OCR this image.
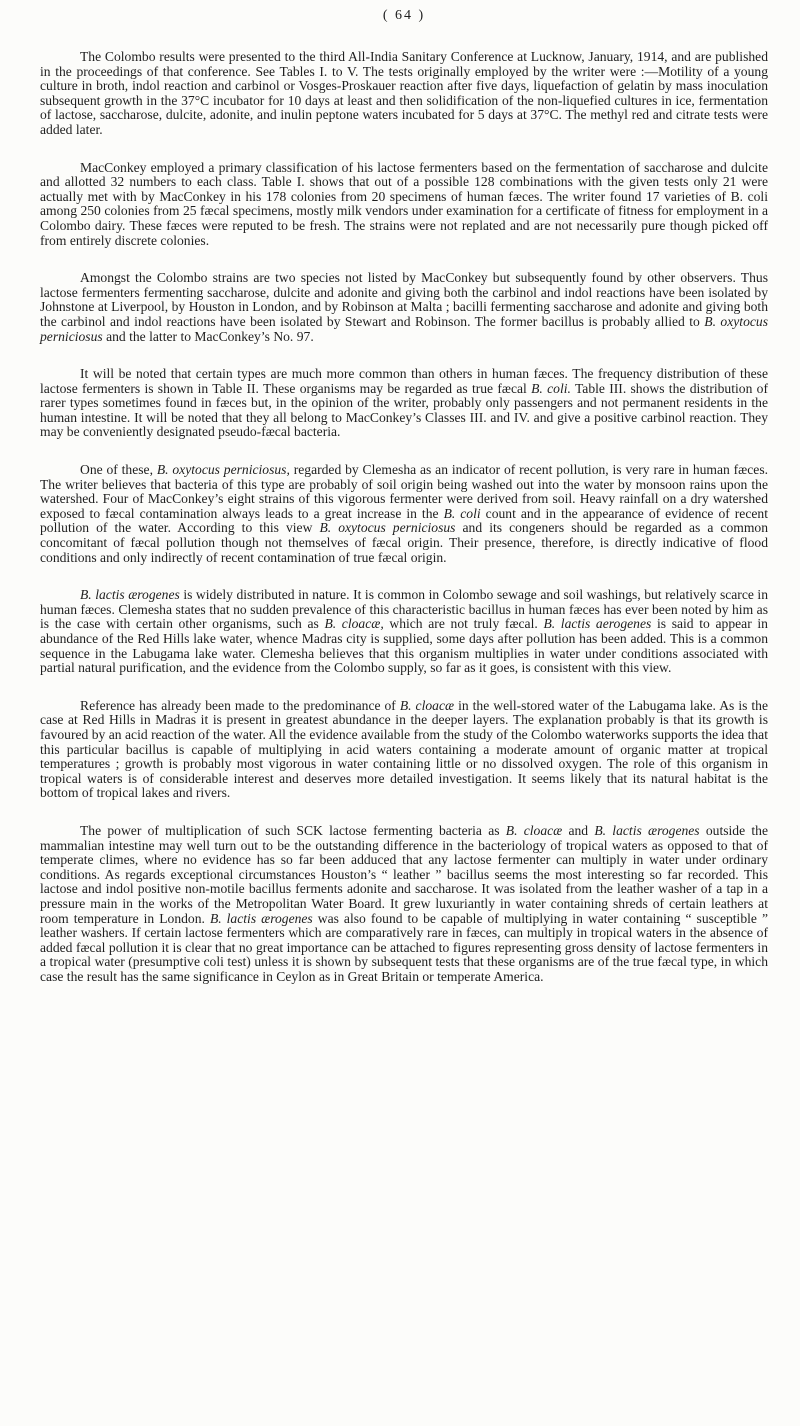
( 64 )

The Colombo results were presented to the third All-India Sanitary Conference at Lucknow, January, 1914, and are published in the proceedings of that conference. See Tables I. to V. The tests originally employed by the writer were :—Motility of a young culture in broth, indol reaction and carbinol or Vosges-Proskauer reaction after five days, liquefaction of gelatin by mass inoculation subsequent growth in the 37°C incubator for 10 days at least and then solidification of the non-liquefied cultures in ice, fermentation of lactose, saccharose, dulcite, adonite, and inulin peptone waters incubated for 5 days at 37°C. The methyl red and citrate tests were added later.

MacConkey employed a primary classification of his lactose fermenters based on the fermentation of saccharose and dulcite and allotted 32 numbers to each class. Table I. shows that out of a possible 128 combinations with the given tests only 21 were actually met with by MacConkey in his 178 colonies from 20 specimens of human fæces. The writer found 17 varieties of B. coli among 250 colonies from 25 fæcal specimens, mostly milk vendors under examination for a certificate of fitness for employment in a Colombo dairy. These fæces were reputed to be fresh. The strains were not replated and are not necessarily pure though picked off from entirely discrete colonies.

Amongst the Colombo strains are two species not listed by MacConkey but subsequently found by other observers. Thus lactose fermenters fermenting saccharose, dulcite and adonite and giving both the carbinol and indol reactions have been isolated by Johnstone at Liverpool, by Houston in London, and by Robinson at Malta ; bacilli fermenting saccharose and adonite and giving both the carbinol and indol reactions have been isolated by Stewart and Robinson. The former bacillus is probably allied to B. oxytocus perniciosus and the latter to MacConkey’s No. 97.

It will be noted that certain types are much more common than others in human fæces. The frequency distribution of these lactose fermenters is shown in Table II. These organisms may be regarded as true fæcal B. coli. Table III. shows the distribution of rarer types sometimes found in fæces but, in the opinion of the writer, probably only passengers and not permanent residents in the human intestine. It will be noted that they all belong to MacConkey’s Classes III. and IV. and give a positive carbinol reaction. They may be conveniently designated pseudo-fæcal bacteria.

One of these, B. oxytocus perniciosus, regarded by Clemesha as an indicator of recent pollution, is very rare in human fæces. The writer believes that bacteria of this type are probably of soil origin being washed out into the water by monsoon rains upon the watershed. Four of MacConkey’s eight strains of this vigorous fermenter were derived from soil. Heavy rainfall on a dry watershed exposed to fæcal contamination always leads to a great increase in the B. coli count and in the appearance of evidence of recent pollution of the water. According to this view B. oxytocus perniciosus and its congeners should be regarded as a common concomitant of fæcal pollution though not themselves of fæcal origin. Their presence, therefore, is directly indicative of flood conditions and only indirectly of recent contamination of true fæcal origin.

B. lactis ærogenes is widely distributed in nature. It is common in Colombo sewage and soil washings, but relatively scarce in human fæces. Clemesha states that no sudden prevalence of this characteristic bacillus in human fæces has ever been noted by him as is the case with certain other organisms, such as B. cloacæ, which are not truly fæcal. B. lactis aerogenes is said to appear in abundance of the Red Hills lake water, whence Madras city is supplied, some days after pollution has been added. This is a common sequence in the Labugama lake water. Clemesha believes that this organism multiplies in water under conditions associated with partial natural purification, and the evidence from the Colombo supply, so far as it goes, is consistent with this view.

Reference has already been made to the predominance of B. cloacæ in the well-stored water of the Labugama lake. As is the case at Red Hills in Madras it is present in greatest abundance in the deeper layers. The explanation probably is that its growth is favoured by an acid reaction of the water. All the evidence available from the study of the Colombo waterworks supports the idea that this particular bacillus is capable of multiplying in acid waters containing a moderate amount of organic matter at tropical temperatures ; growth is probably most vigorous in water containing little or no dissolved oxygen. The role of this organism in tropical waters is of considerable interest and deserves more detailed investigation. It seems likely that its natural habitat is the bottom of tropical lakes and rivers.

The power of multiplication of such SCK lactose fermenting bacteria as B. cloacæ and B. lactis ærogenes outside the mammalian intestine may well turn out to be the outstanding difference in the bacteriology of tropical waters as opposed to that of temperate climes, where no evidence has so far been adduced that any lactose fermenter can multiply in water under ordinary conditions. As regards exceptional circumstances Houston’s “ leather ” bacillus seems the most interesting so far recorded. This lactose and indol positive non-motile bacillus ferments adonite and saccharose. It was isolated from the leather washer of a tap in a pressure main in the works of the Metropolitan Water Board. It grew luxuriantly in water containing shreds of certain leathers at room temperature in London. B. lactis ærogenes was also found to be capable of multiplying in water containing “ susceptible ” leather washers. If certain lactose fermenters which are comparatively rare in fæces, can multiply in tropical waters in the absence of added fæcal pollution it is clear that no great importance can be attached to figures representing gross density of lactose fermenters in a tropical water (presumptive coli test) unless it is shown by subsequent tests that these organisms are of the true fæcal type, in which case the result has the same significance in Ceylon as in Great Britain or temperate America.
